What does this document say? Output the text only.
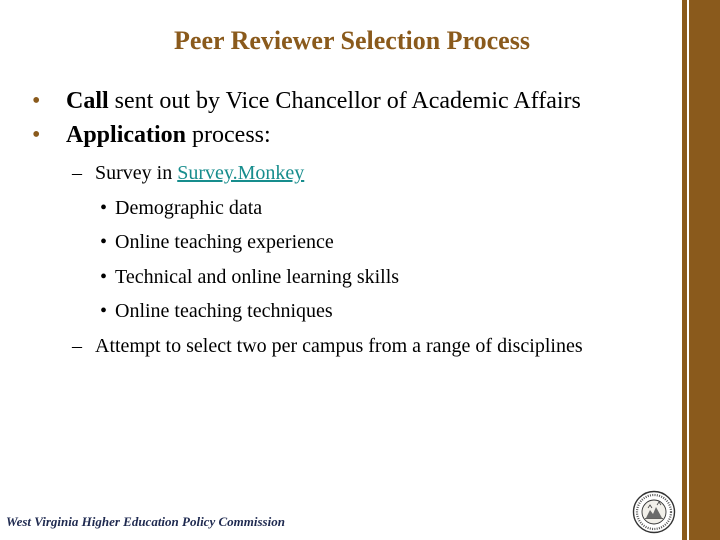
Peer Reviewer Selection Process
• Call sent out by Vice Chancellor of Academic Affairs
• Application process:
– Survey in Survey.Monkey
• Demographic data
• Online teaching experience
• Technical and online learning skills
• Online teaching techniques
– Attempt to select two per campus from a range of disciplines
West Virginia Higher Education Policy Commission
